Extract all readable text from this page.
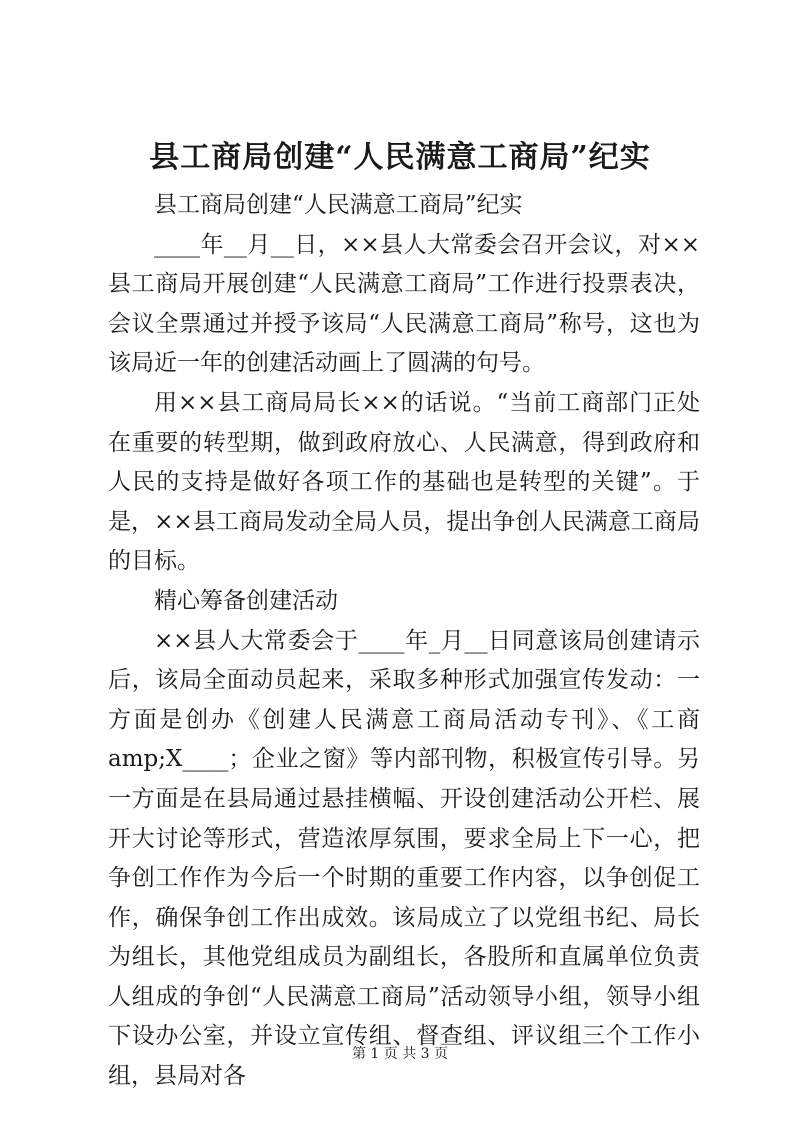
县工商局创建“人民满意工商局”纪实

县工商局创建“人民满意工商局”纪实

____年__月__日，××县人大常委会召开会议，对××县工商局开展创建“人民满意工商局”工作进行投票表决，会议全票通过并授予该局“人民满意工商局”称号，这也为该局近一年的创建活动画上了圆满的句号。

用××县工商局局长××的话说。“当前工商部门正处在重要的转型期，做到政府放心、人民满意，得到政府和人民的支持是做好各项工作的基础也是转型的关键”。于是，××县工商局发动全局人员，提出争创人民满意工商局的目标。

精心筹备创建活动

××县人大常委会于____年_月__日同意该局创建请示后，该局全面动员起来，采取多种形式加强宣传发动：一方面是创办《创建人民满意工商局活动专刊》、《工商 amp;X____；企业之窗》等内部刊物，积极宣传引导。另一方面是在县局通过悬挂横幅、开设创建活动公开栏、展开大讨论等形式，营造浓厚氛围，要求全局上下一心，把争创工作作为今后一个时期的重要工作内容，以争创促工作，确保争创工作出成效。该局成立了以党组书纪、局长为组长，其他党组成员为副组长，各股所和直属单位负责人组成的争创“人民满意工商局”活动领导小组，领导小组下设办公室，并设立宣传组、督查组、评议组三个工作小组，县局对各

第 1 页 共 3 页
